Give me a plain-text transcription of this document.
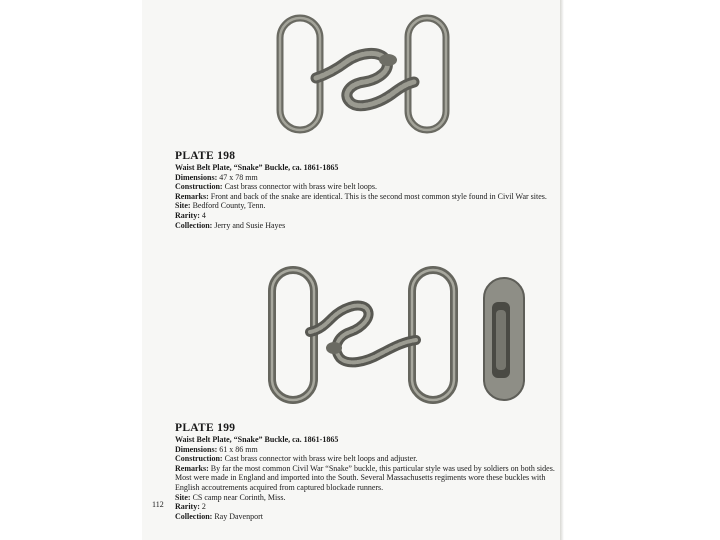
PLATE 198
Waist Belt Plate, “Snake” Buckle, ca. 1861-1865
Dimensions: 47 x 78 mm
Construction: Cast brass connector with brass wire belt loops.
Remarks: Front and back of the snake are identical. This is the second most common style found in Civil War sites.
Site: Bedford County, Tenn.
Rarity: 4
Collection: Jerry and Susie Hayes
PLATE 199
Waist Belt Plate, “Snake” Buckle, ca. 1861-1865
Dimensions: 61 x 86 mm
Construction: Cast brass connector with brass wire belt loops and adjuster.
Remarks: By far the most common Civil War “Snake” buckle, this particular style was used by soldiers on both sides. Most were made in England and imported into the South. Several Massachusetts regiments wore these buckles with English accoutrements acquired from captured blockade runners.
Site: CS camp near Corinth, Miss.
Rarity: 2
Collection: Ray Davenport
112
